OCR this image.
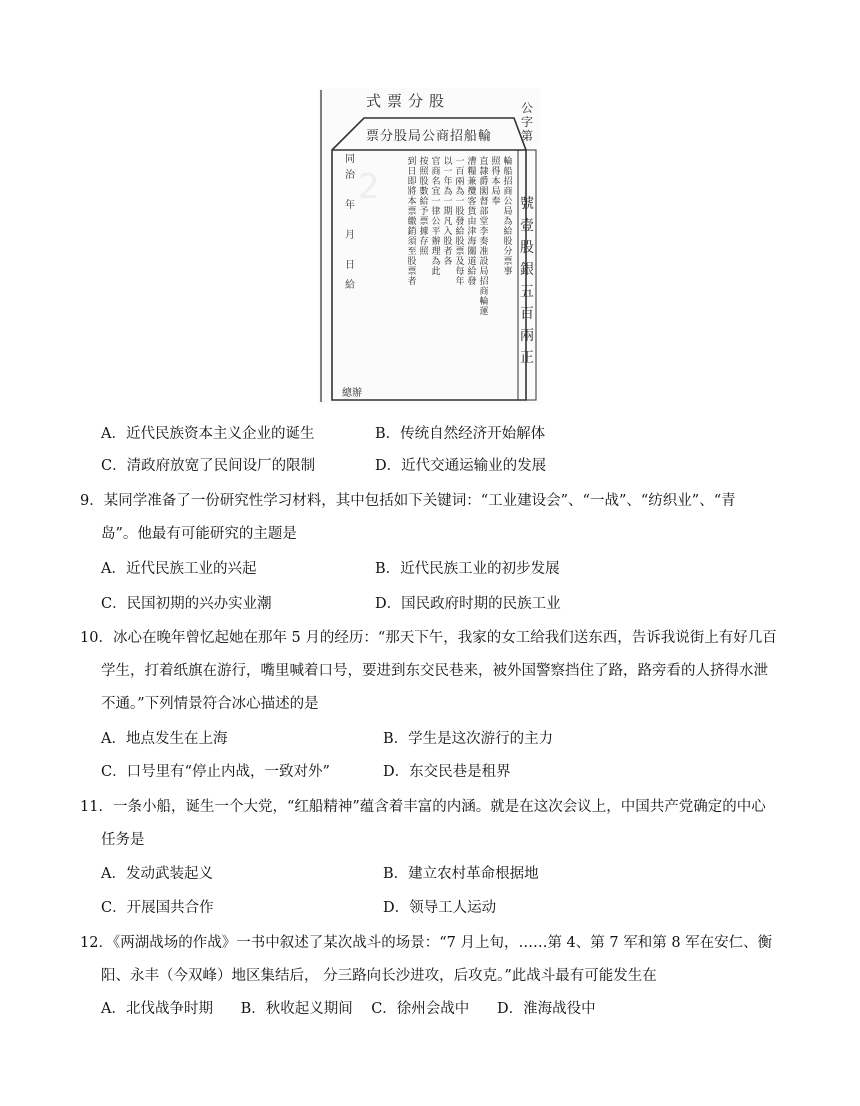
式票分股
票分股局公商招船輪
公
字
第
號
壹
股
銀
五
百
兩
正
輪
船
招
商
公
局
為
給
股
分
票
事
照
得
本
局
奉
直
隸
爵
閣
督
部
堂
李
奏
准
設
局
招
商
輪
運
漕
糧
兼
攬
客
貨
由
津
海
關
道
給
發
一
百
兩
為
一
股
發
給
股
票
及
每
年
以
一
年
為
一
期
凡
入
股
者
各
官
商
名
宜
一
律
公
平
辦
理
為
此
按
照
股
數
給
予
票
據
存
照
到
日
即
將
本
票
繳
銷
須
至
股
票
者
同
治
年
月
日
給
總辦
2
A．近代民族资本主义企业的诞生	B．传统自然经济开始解体
C．清政府放宽了民间设厂的限制	D．近代交通运输业的发展
9．某同学准备了一份研究性学习材料，其中包括如下关键词：“工业建设会”、“一战”、“纺织业”、“青
岛”。他最有可能研究的主题是
A．近代民族工业的兴起	B．近代民族工业的初步发展
C．民国初期的兴办实业潮	D．国民政府时期的民族工业
10．冰心在晚年曾忆起她在那年 5 月的经历：“那天下午，我家的女工给我们送东西，告诉我说街上有好几百
学生，打着纸旗在游行，嘴里喊着口号，要进到东交民巷来，被外国警察挡住了路，路旁看的人挤得水泄
不通。”下列情景符合冰心描述的是
A．地点发生在上海	B．学生是这次游行的主力
C．口号里有“停止内战，一致对外”	D．东交民巷是租界
11．一条小船，诞生一个大党，“红船精神”蕴含着丰富的内涵。就是在这次会议上，中国共产党确定的中心
任务是
A．发动武装起义	B．建立农村革命根据地
C．开展国共合作	D．领导工人运动
12．《两湖战场的作战》一书中叙述了某次战斗的场景：“7 月上旬，……第 4、第 7 军和第 8 军在安仁、衡
阳、永丰（今双峰）地区集结后， 分三路向长沙进攻，后攻克。”此战斗最有可能发生在
A．北伐战争时期      B．秋收起义期间    C．徐州会战中      D．淮海战役中
